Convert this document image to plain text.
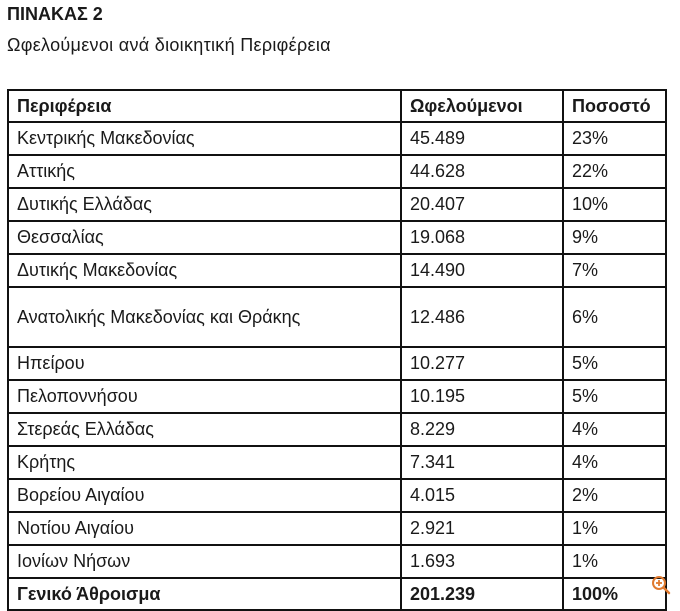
ΠΙΝΑΚΑΣ 2
Ωφελούμενοι ανά διοικητική Περιφέρεια
Περιφέρεια	Ωφελούμενοι	Ποσοστό
Κεντρικής Μακεδονίας	45.489	23%
Αττικής	44.628	22%
Δυτικής Ελλάδας	20.407	10%
Θεσσαλίας	19.068	9%
Δυτικής Μακεδονίας	14.490	7%
Ανατολικής Μακεδονίας και Θράκης	12.486	6%
Ηπείρου	10.277	5%
Πελοποννήσου	10.195	5%
Στερεάς Ελλάδας	8.229	4%
Κρήτης	7.341	4%
Βορείου Αιγαίου	4.015	2%
Νοτίου Αιγαίου	2.921	1%
Ιονίων Νήσων	1.693	1%
Γενικό Άθροισμα	201.239	100%
